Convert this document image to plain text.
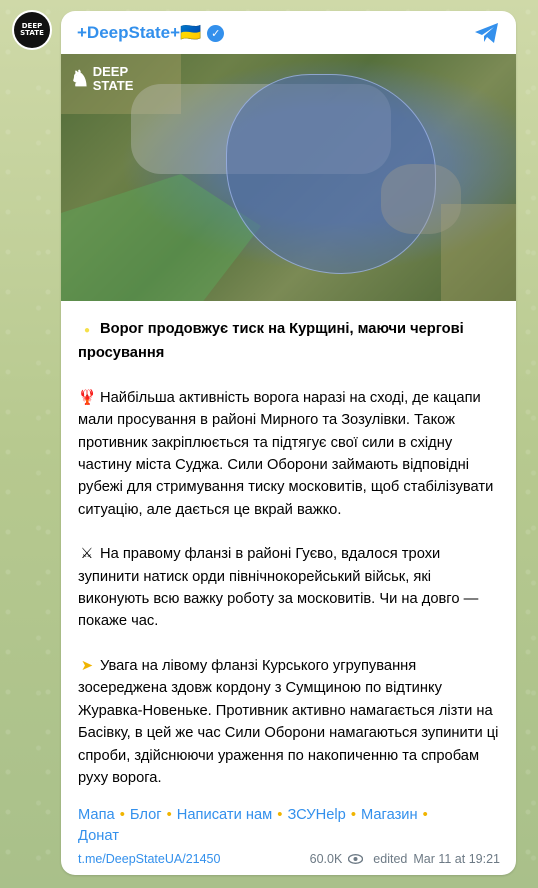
DEEP STATE	+DeepState+🇺🇦 ✓
♞ DEEP
STATE

● Ворог продовжує тиск на Курщині, маючи чергові просування

🦞 Найбільша активність ворога наразі на сході, де кацапи мали просування в районі Мирного та Зозулівки. Також противник закріплюється та підтягує свої сили в східну частину міста Суджа. Сили Оборони займають відповідні рубежі для стримування тиску московитів, щоб стабілізувати ситуацію, але дається це вкрай важко.

⚔ На правому фланзі в районі Гуєво, вдалося трохи зупинити натиск орди північнокорейський військ, які виконують всю важку роботу за московитів. Чи на довго — покаже час.

➤ Увага на лівому фланзі Курського угрупування зосереджена здовж кордону з Сумщиною по відтинку Журавка-Новеньке. Противник активно намагається лізти на Басівку, в цей же час Сили Оборони намагаються зупинити ці спроби, здійснюючи ураження по накопиченню та спробам руху ворога.

Мапа • Блог • Написати нам • ЗСУHelp • Магазин •
Донат
t.me/DeepStateUA/21450	60.0K edited Mar 11 at 19:21
